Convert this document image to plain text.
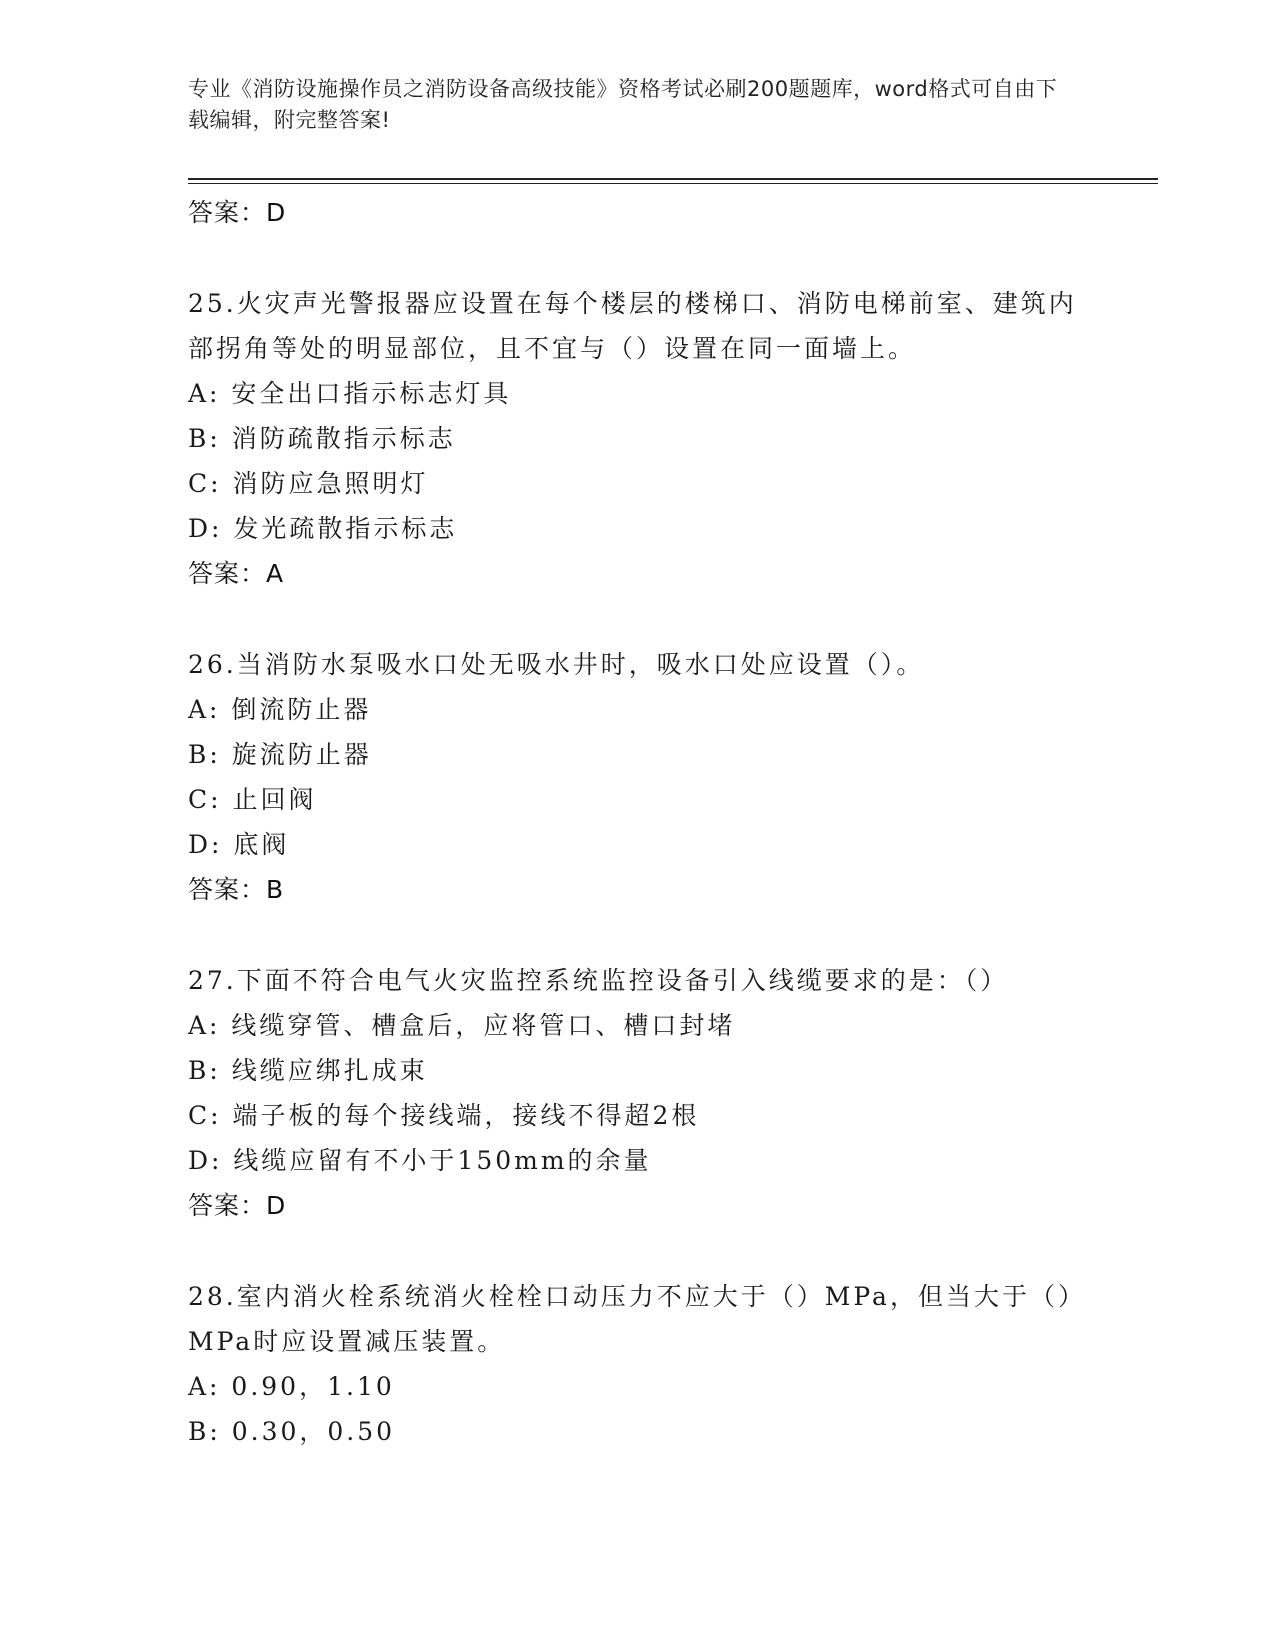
专业《消防设施操作员之消防设备高级技能》资格考试必刷200题题库，word格式可自由下载编辑，附完整答案!
答案：D
25.火灾声光警报器应设置在每个楼层的楼梯口、消防电梯前室、建筑内部拐角等处的明显部位，且不宜与（）设置在同一面墙上。
A: 安全出口指示标志灯具
B: 消防疏散指示标志
C: 消防应急照明灯
D: 发光疏散指示标志
答案：A
26.当消防水泵吸水口处无吸水井时，吸水口处应设置（）。
A: 倒流防止器
B: 旋流防止器
C: 止回阀
D: 底阀
答案：B
27.下面不符合电气火灾监控系统监控设备引入线缆要求的是：（）
A: 线缆穿管、槽盒后，应将管口、槽口封堵
B: 线缆应绑扎成束
C: 端子板的每个接线端，接线不得超2根
D: 线缆应留有不小于150mm的余量
答案：D
28.室内消火栓系统消火栓栓口动压力不应大于（）MPa，但当大于（）MPa时应设置减压装置。
A: 0.90，1.10
B: 0.30，0.50
